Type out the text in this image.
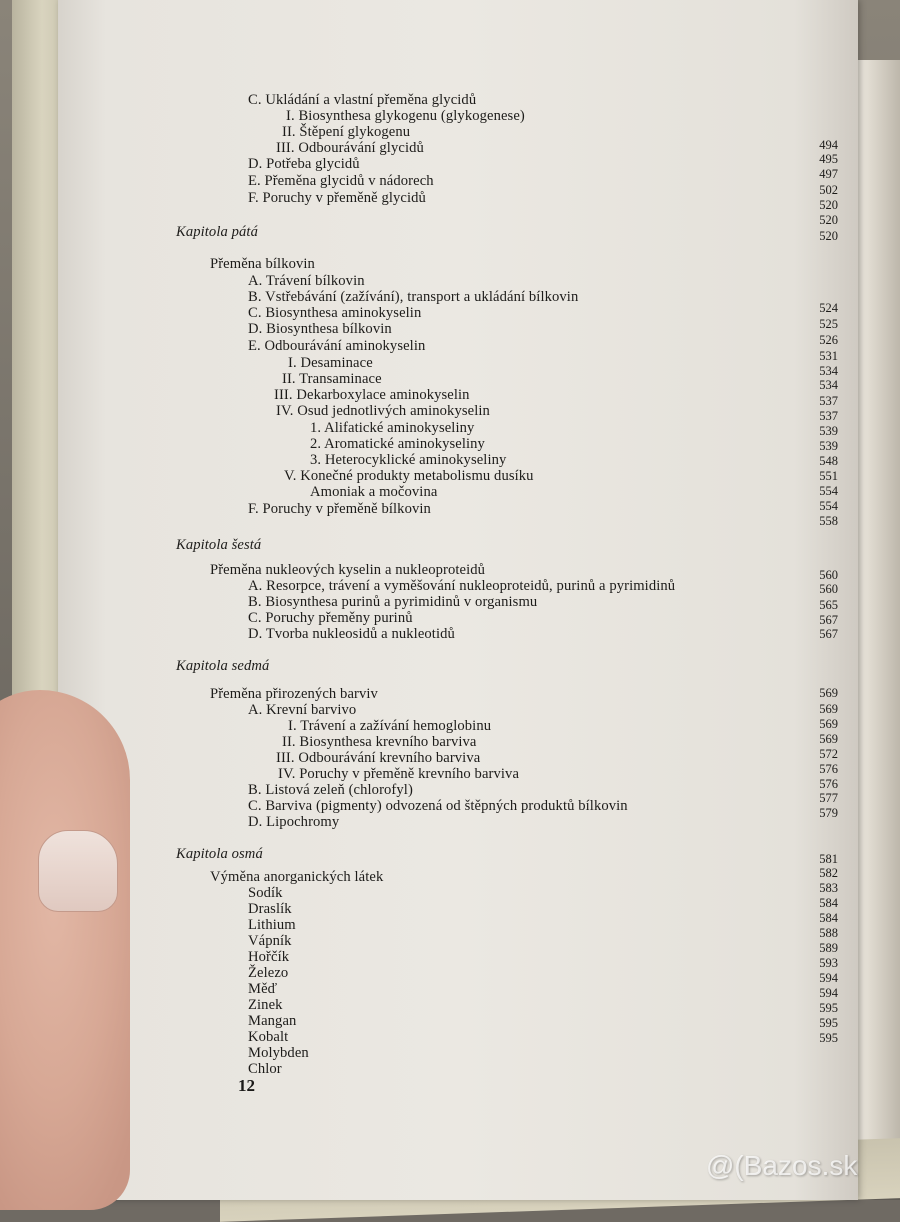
C. Ukládání a vlastní přeměna glycidů
I. Biosynthesa glykogenu (glykogenese)
II. Štěpení glykogenu
III. Odbourávání glycidů
D. Potřeba glycidů
E. Přeměna glycidů v nádorech
F. Poruchy v přeměně glycidů
Kapitola pátá
Přeměna bílkovin
A. Trávení bílkovin
B. Vstřebávání (zažívání), transport a ukládání bílkovin
C. Biosynthesa aminokyselin
D. Biosynthesa bílkovin
E. Odbourávání aminokyselin
I. Desaminace
II. Transaminace
III. Dekarboxylace aminokyselin
IV. Osud jednotlivých aminokyselin
1. Alifatické aminokyseliny
2. Aromatické aminokyseliny
3. Heterocyklické aminokyseliny
V. Konečné produkty metabolismu dusíku
Amoniak a močovina
F. Poruchy v přeměně bílkovin
Kapitola šestá
Přeměna nukleových kyselin a nukleoproteidů
A. Resorpce, trávení a vyměšování nukleoproteidů, purinů a pyrimidinů
B. Biosynthesa purinů a pyrimidinů v organismu
C. Poruchy přeměny purinů
D. Tvorba nukleosidů a nukleotidů
Kapitola sedmá
Přeměna přirozených barviv
A. Krevní barvivo
I. Trávení a zažívání hemoglobinu
II. Biosynthesa krevního barviva
III. Odbourávání krevního barviva
IV. Poruchy v přeměně krevního barviva
B. Listová zeleň (chlorofyl)
C. Barviva (pigmenty) odvozená od štěpných produktů bílkovin
D. Lipochromy
Kapitola osmá
Výměna anorganických látek
Sodík
Draslík
Lithium
Vápník
Hořčík
Železo
Měď
Zinek
Mangan
Kobalt
Molybden
Chlor
494
495
497
502
520
520
520
524
525
526
531
534
534
537
537
539
539
548
551
554
554
558
560
560
565
567
567
569
569
569
569
572
576
576
577
579
581
582
583
584
584
588
589
593
594
594
595
595
595
12
@(Bazos.sk
